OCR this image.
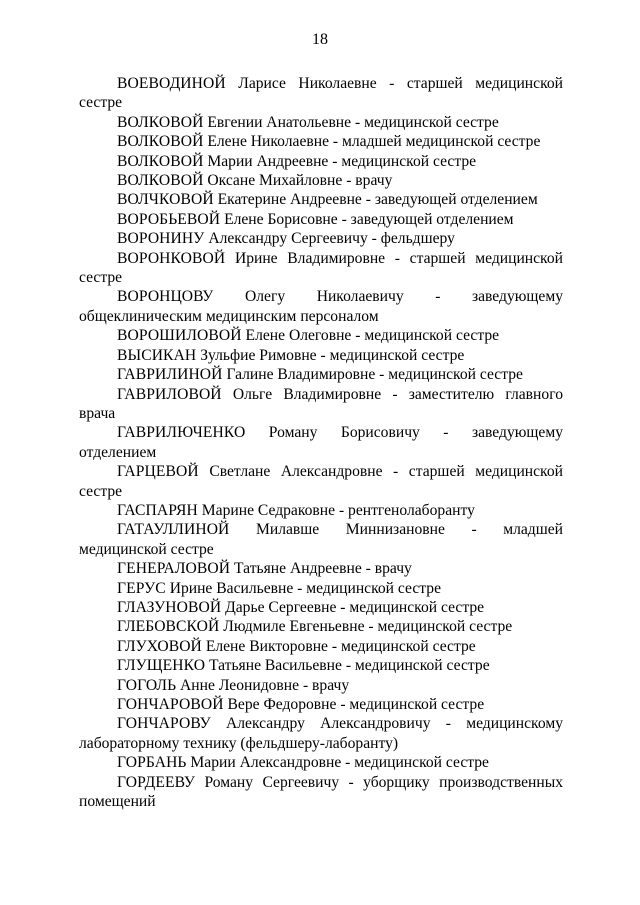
18

ВОЕВОДИНОЙ Ларисе Николаевне - старшей медицинской сестре

ВОЛКОВОЙ Евгении Анатольевне - медицинской сестре

ВОЛКОВОЙ Елене Николаевне - младшей медицинской сестре

ВОЛКОВОЙ Марии Андреевне - медицинской сестре

ВОЛКОВОЙ Оксане Михайловне - врачу

ВОЛЧКОВОЙ Екатерине Андреевне - заведующей отделением

ВОРОБЬЕВОЙ Елене Борисовне - заведующей отделением

ВОРОНИНУ Александру Сергеевичу - фельдшеру

ВОРОНКОВОЙ Ирине Владимировне - старшей медицинской сестре

ВОРОНЦОВУ Олегу Николаевичу - заведующему общеклиническим медицинским персоналом

ВОРОШИЛОВОЙ Елене Олеговне - медицинской сестре

ВЫСИКАН Зульфие Римовне - медицинской сестре

ГАВРИЛИНОЙ Галине Владимировне - медицинской сестре

ГАВРИЛОВОЙ Ольге Владимировне - заместителю главного врача

ГАВРИЛЮЧЕНКО Роману Борисовичу - заведующему отделением

ГАРЦЕВОЙ Светлане Александровне - старшей медицинской сестре

ГАСПАРЯН Марине Седраковне - рентгенолаборанту

ГАТАУЛЛИНОЙ Милавше Миннизановне - младшей медицинской сестре

ГЕНЕРАЛОВОЙ Татьяне Андреевне - врачу

ГЕРУС Ирине Васильевне - медицинской сестре

ГЛАЗУНОВОЙ Дарье Сергеевне - медицинской сестре

ГЛЕБОВСКОЙ Людмиле Евгеньевне - медицинской сестре

ГЛУХОВОЙ Елене Викторовне - медицинской сестре

ГЛУЩЕНКО Татьяне Васильевне - медицинской сестре

ГОГОЛЬ Анне Леонидовне - врачу

ГОНЧАРОВОЙ Вере Федоровне - медицинской сестре

ГОНЧАРОВУ Александру Александровичу - медицинскому лабораторному технику (фельдшеру-лаборанту)

ГОРБАНЬ Марии Александровне - медицинской сестре

ГОРДЕЕВУ Роману Сергеевичу - уборщику производственных помещений
